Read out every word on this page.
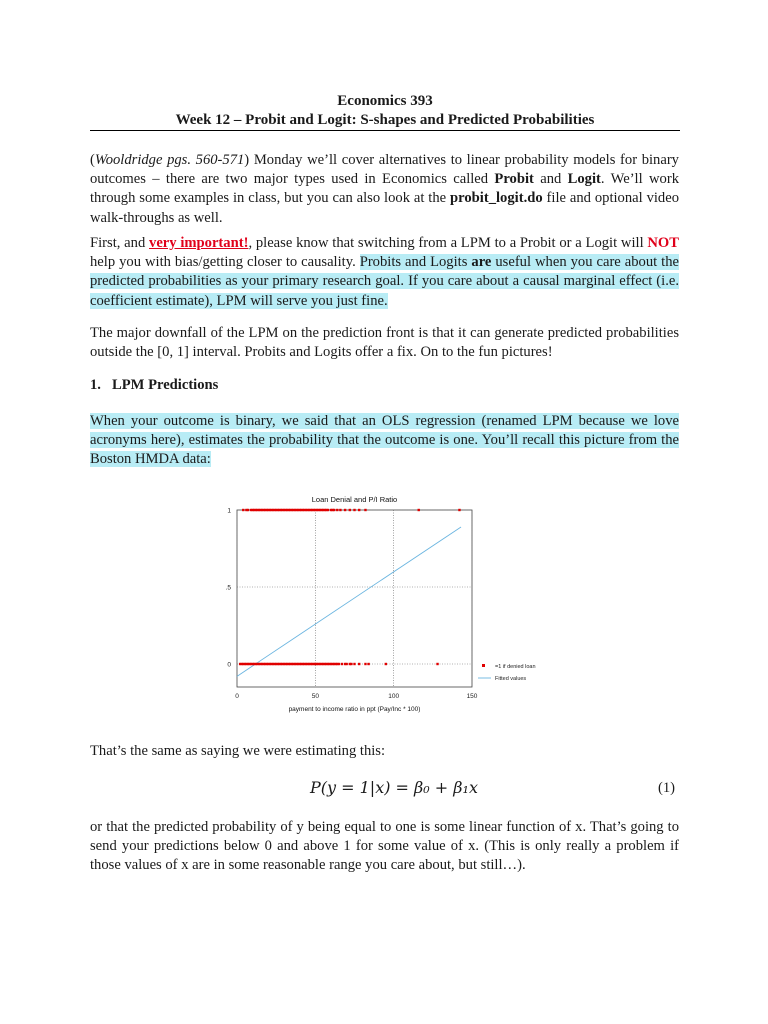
Economics 393
Week 12 – Probit and Logit: S-shapes and Predicted Probabilities
(Wooldridge pgs. 560-571) Monday we’ll cover alternatives to linear probability models for binary outcomes – there are two major types used in Economics called Probit and Logit. We’ll work through some examples in class, but you can also look at the probit_logit.do file and optional video walk-throughs as well.
First, and very important!, please know that switching from a LPM to a Probit or a Logit will NOT help you with bias/getting closer to causality. Probits and Logits are useful when you care about the predicted probabilities as your primary research goal. If you care about a causal marginal effect (i.e. coefficient estimate), LPM will serve you just fine.
The major downfall of the LPM on the prediction front is that it can generate predicted probabilities outside the [0, 1] interval. Probits and Logits offer a fix. On to the fun pictures!
1. LPM Predictions
When your outcome is binary, we said that an OLS regression (renamed LPM because we love acronyms here), estimates the probability that the outcome is one. You’ll recall this picture from the Boston HMDA data:
0	50	100	150
0
.5
1
Loan Denial and P/I Ratio
payment to income ratio in ppt (Pay/Inc * 100)
=1 if denied loan
Fitted values
That’s the same as saying we were estimating this:
P(y = 1|x) = β₀ + β₁x	(1)
or that the predicted probability of y being equal to one is some linear function of x. That’s going to send your predictions below 0 and above 1 for some value of x. (This is only really a problem if those values of x are in some reasonable range you care about, but still…).
